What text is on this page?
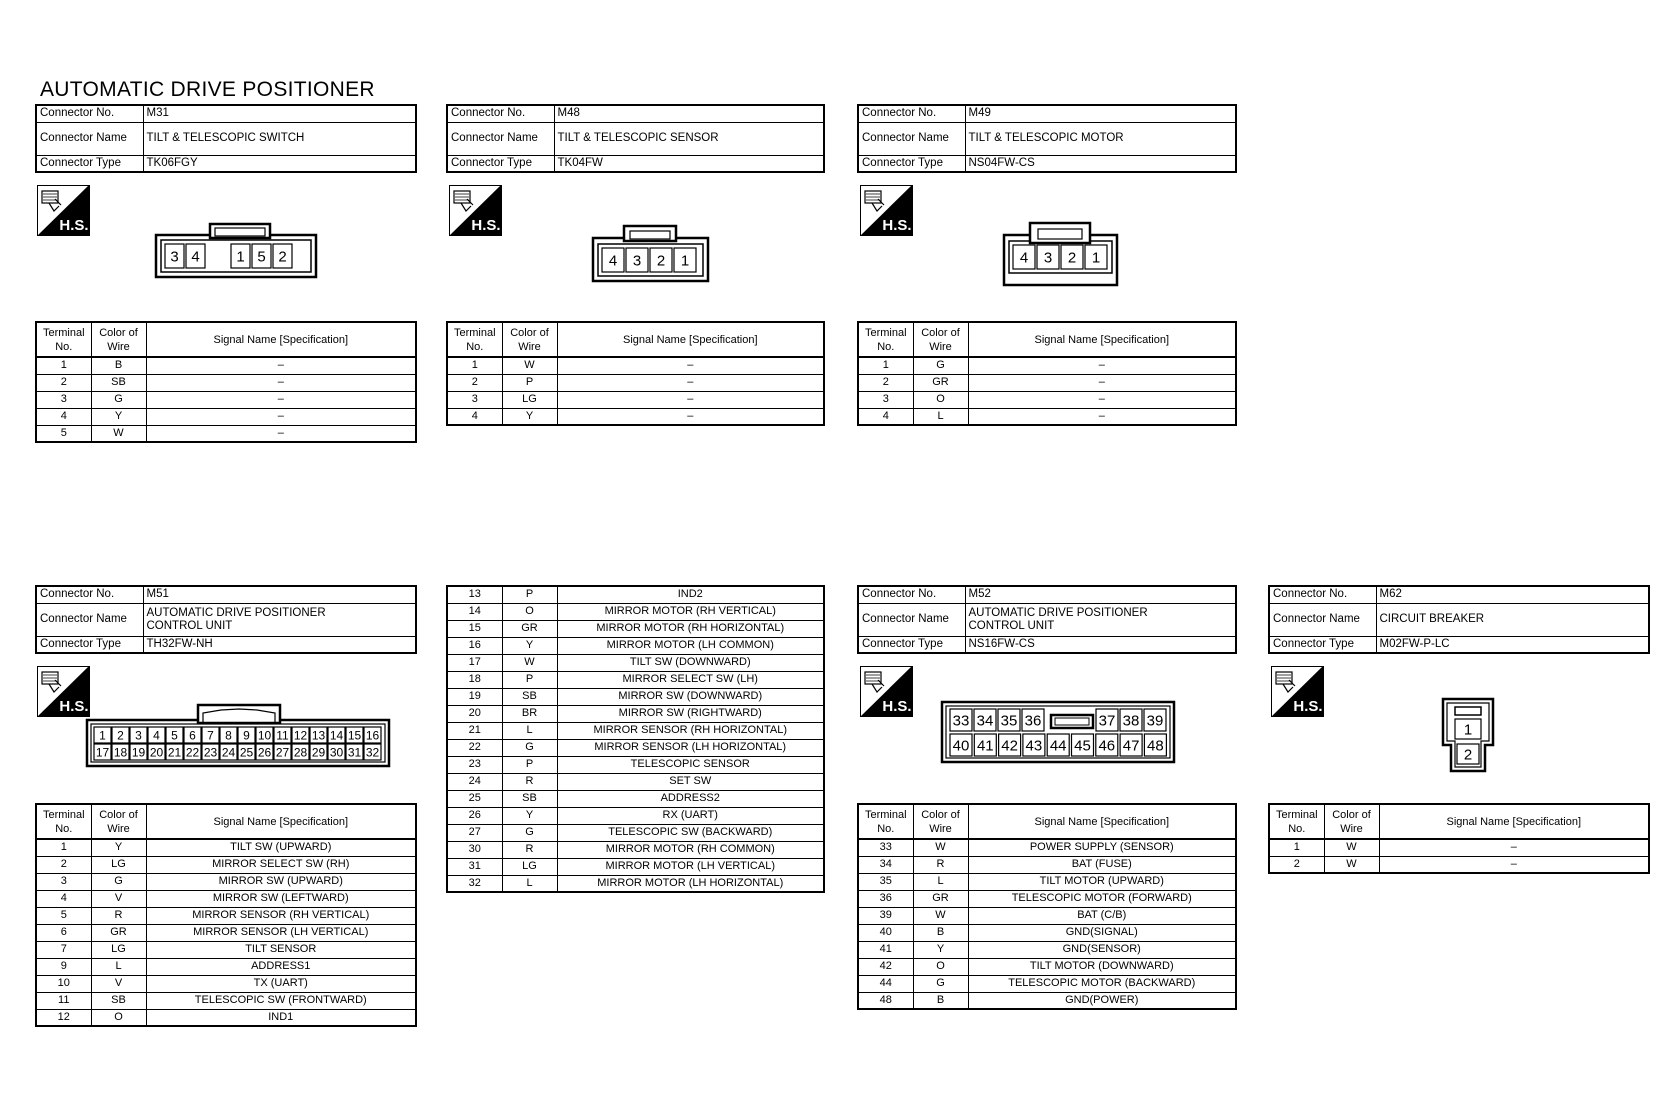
AUTOMATIC DRIVE POSITIONER
Connector No.	M31
Connector Name	TILT & TELESCOPIC SWITCH
Connector Type	TK06FGY
H.S.
3 4 1 5 2
Terminal No.	Color of Wire	Signal Name [Specification]
1	B	–
2	SB	–
3	G	–
4	Y	–
5	W	–
Connector No.	M48
Connector Name	TILT & TELESCOPIC SENSOR
Connector Type	TK04FW
H.S.
4 3 2 1
Terminal No.	Color of Wire	Signal Name [Specification]
1	W	–
2	P	–
3	LG	–
4	Y	–
Connector No.	M49
Connector Name	TILT & TELESCOPIC MOTOR
Connector Type	NS04FW-CS
H.S.
4 3 2 1
Terminal No.	Color of Wire	Signal Name [Specification]
1	G	–
2	GR	–
3	O	–
4	L	–
Connector No.	M51
Connector Name	AUTOMATIC DRIVE POSITIONER CONTROL UNIT
Connector Type	TH32FW-NH
H.S.
1 2 3 4 5 6 7 8 9 10 11 12 13 14 15 16
17 18 19 20 21 22 23 24 25 26 27 28 29 30 31 32
Terminal No.	Color of Wire	Signal Name [Specification]
1	Y	TILT SW (UPWARD)
2	LG	MIRROR SELECT SW (RH)
3	G	MIRROR SW (UPWARD)
4	V	MIRROR SW (LEFTWARD)
5	R	MIRROR SENSOR (RH VERTICAL)
6	GR	MIRROR SENSOR (LH VERTICAL)
7	LG	TILT SENSOR
9	L	ADDRESS1
10	V	TX (UART)
11	SB	TELESCOPIC SW (FRONTWARD)
12	O	IND1
13	P	IND2
14	O	MIRROR MOTOR (RH VERTICAL)
15	GR	MIRROR MOTOR (RH HORIZONTAL)
16	Y	MIRROR MOTOR (LH COMMON)
17	W	TILT SW (DOWNWARD)
18	P	MIRROR SELECT SW (LH)
19	SB	MIRROR SW (DOWNWARD)
20	BR	MIRROR SW (RIGHTWARD)
21	L	MIRROR SENSOR (RH HORIZONTAL)
22	G	MIRROR SENSOR (LH HORIZONTAL)
23	P	TELESCOPIC SENSOR
24	R	SET SW
25	SB	ADDRESS2
26	Y	RX (UART)
27	G	TELESCOPIC SW (BACKWARD)
30	R	MIRROR MOTOR (RH COMMON)
31	LG	MIRROR MOTOR (LH VERTICAL)
32	L	MIRROR MOTOR (LH HORIZONTAL)
Connector No.	M52
Connector Name	AUTOMATIC DRIVE POSITIONER CONTROL UNIT
Connector Type	NS16FW-CS
H.S.
33 34 35 36	37 38 39
40 41 42 43 44 45 46 47 48
Terminal No.	Color of Wire	Signal Name [Specification]
33	W	POWER SUPPLY (SENSOR)
34	R	BAT (FUSE)
35	L	TILT MOTOR (UPWARD)
36	GR	TELESCOPIC MOTOR (FORWARD)
39	W	BAT (C/B)
40	B	GND(SIGNAL)
41	Y	GND(SENSOR)
42	O	TILT MOTOR (DOWNWARD)
44	G	TELESCOPIC MOTOR (BACKWARD)
48	B	GND(POWER)
Connector No.	M62
Connector Name	CIRCUIT BREAKER
Connector Type	M02FW-P-LC
H.S.
1
2
Terminal No.	Color of Wire	Signal Name [Specification]
1	W	–
2	W	–
